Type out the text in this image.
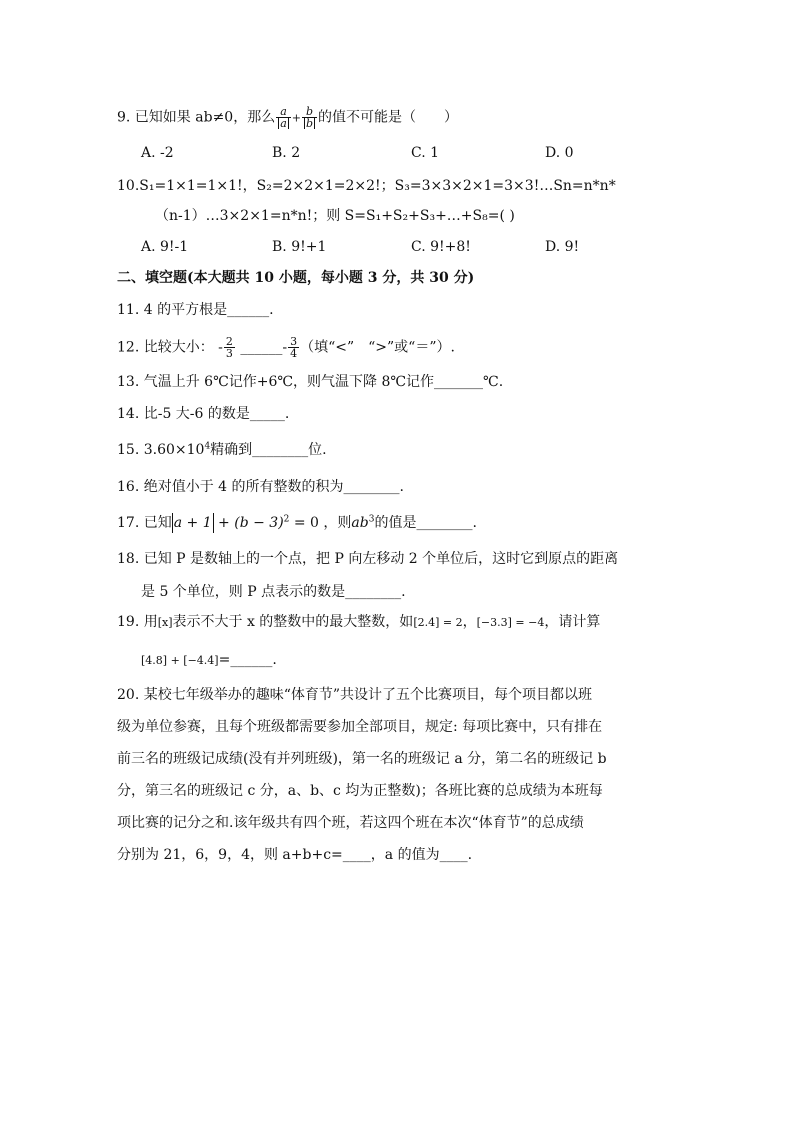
9. 已知如果 ab≠0，那么 $\frac{a}{a} + \frac{b}{b}$ 的值不可能是（　　）
A. -2	B. 2	C. 1	D. 0
10.S₁=1×1=1×1!，S₂=2×2×1=2×2!；S₃=3×3×2×1=3×3!…Sn=n*n*
（n-1）…3×2×1=n*n!；则 S=S₁+S₂+S₃+…+S₈=( )
A. 9!-1	B. 9!+1	C. 9!+8!	D. 9!
二、填空题(本大题共 10 小题，每小题 3 分，共 30 分)
11. 4 的平方根是______.
12. 比较大小： - $\frac{2}{3}$ ______- $\frac{3}{4}$ （填“<”　“>”或“＝”）.
13. 气温上升 6℃记作+6℃，则气温下降 8℃记作_______℃.
14. 比-5 大-6 的数是_____.
15. $3.60\times 10^4$精确到________位.
16. 绝对值小于 4 的所有整数的积为________.
17. 已知 $a + 1 + (b - 3)^2 = 0$ ，则$ab^3$的值是________.
18. 已知 P 是数轴上的一个点，把 P 向左移动 2 个单位后，这时它到原点的距离
是 5 个单位，则 P 点表示的数是________.
19. 用[x]表示不大于 x 的整数中的最大整数，如[2.4] = 2，[−3.3] = −4，请计算
[4.8] + [−4.4]=______.
20. 某校七年级举办的趣味“体育节”共设计了五个比赛项目，每个项目都以班
级为单位参赛，且每个班级都需要参加全部项目，规定: 每项比赛中，只有排在
前三名的班级记成绩(没有并列班级)，第一名的班级记 a 分，第二名的班级记 b
分，第三名的班级记 c 分，a、b、c 均为正整数)；各班比赛的总成绩为本班每
项比赛的记分之和.该年级共有四个班，若这四个班在本次“体育节”的总成绩
分别为 21，6，9，4，则 a+b+c=____，a 的值为____.
